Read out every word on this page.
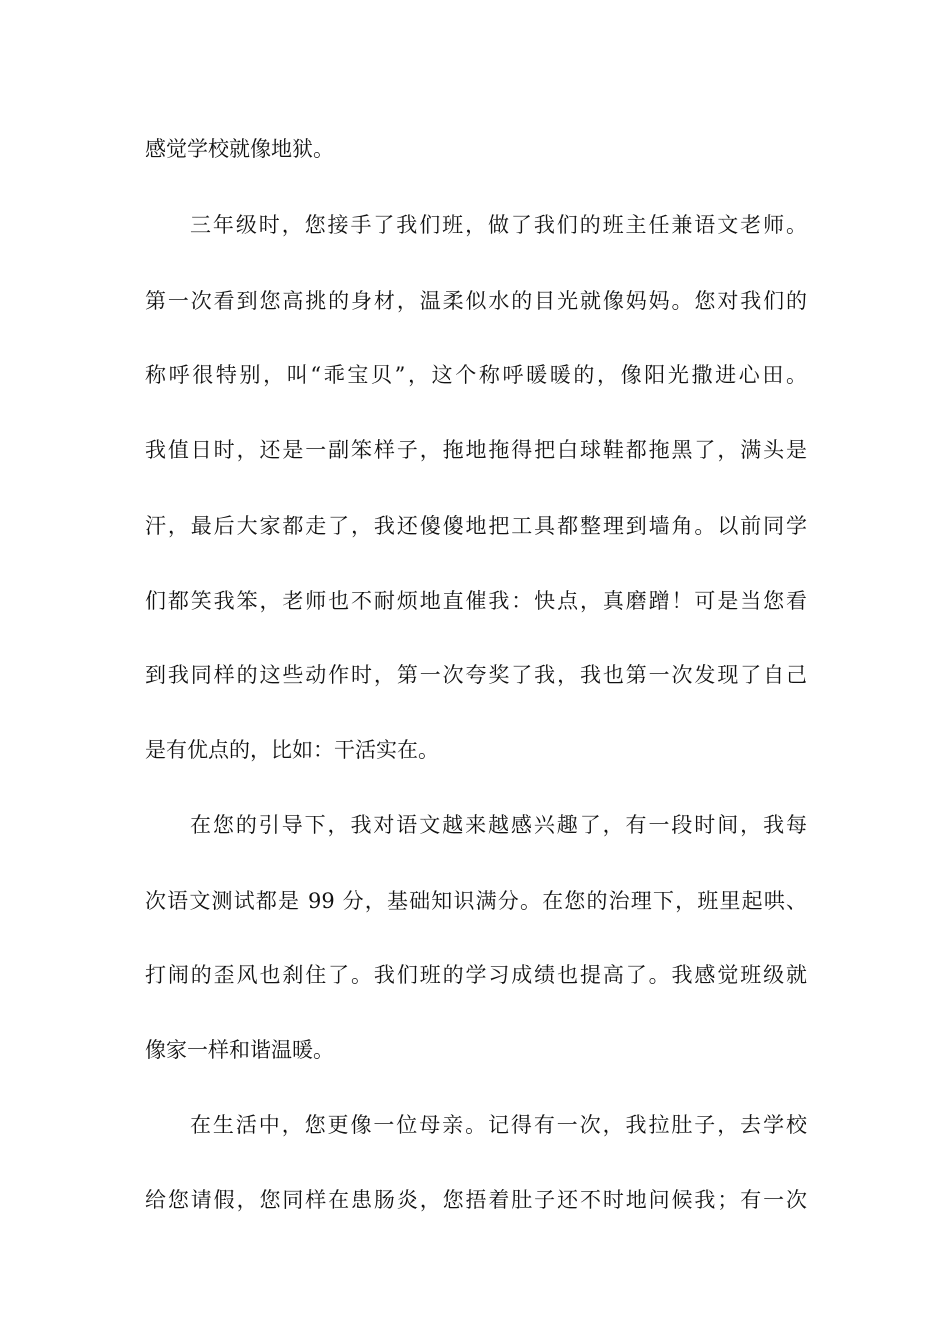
感觉学校就像地狱。
三年级时，您接手了我们班，做了我们的班主任兼语文老师。
第一次看到您高挑的身材，温柔似水的目光就像妈妈。您对我们的
称呼很特别，叫“乖宝贝”，这个称呼暖暖的，像阳光撒进心田。
我值日时，还是一副笨样子，拖地拖得把白球鞋都拖黑了，满头是
汗，最后大家都走了，我还傻傻地把工具都整理到墙角。以前同学
们都笑我笨，老师也不耐烦地直催我：快点，真磨蹭！可是当您看
到我同样的这些动作时，第一次夸奖了我，我也第一次发现了自己
是有优点的，比如：干活实在。
在您的引导下，我对语文越来越感兴趣了，有一段时间，我每
次语文测试都是 99 分，基础知识满分。在您的治理下，班里起哄、
打闹的歪风也刹住了。我们班的学习成绩也提高了。我感觉班级就
像家一样和谐温暖。
在生活中，您更像一位母亲。记得有一次，我拉肚子，去学校
给您请假，您同样在患肠炎，您捂着肚子还不时地问候我；有一次
